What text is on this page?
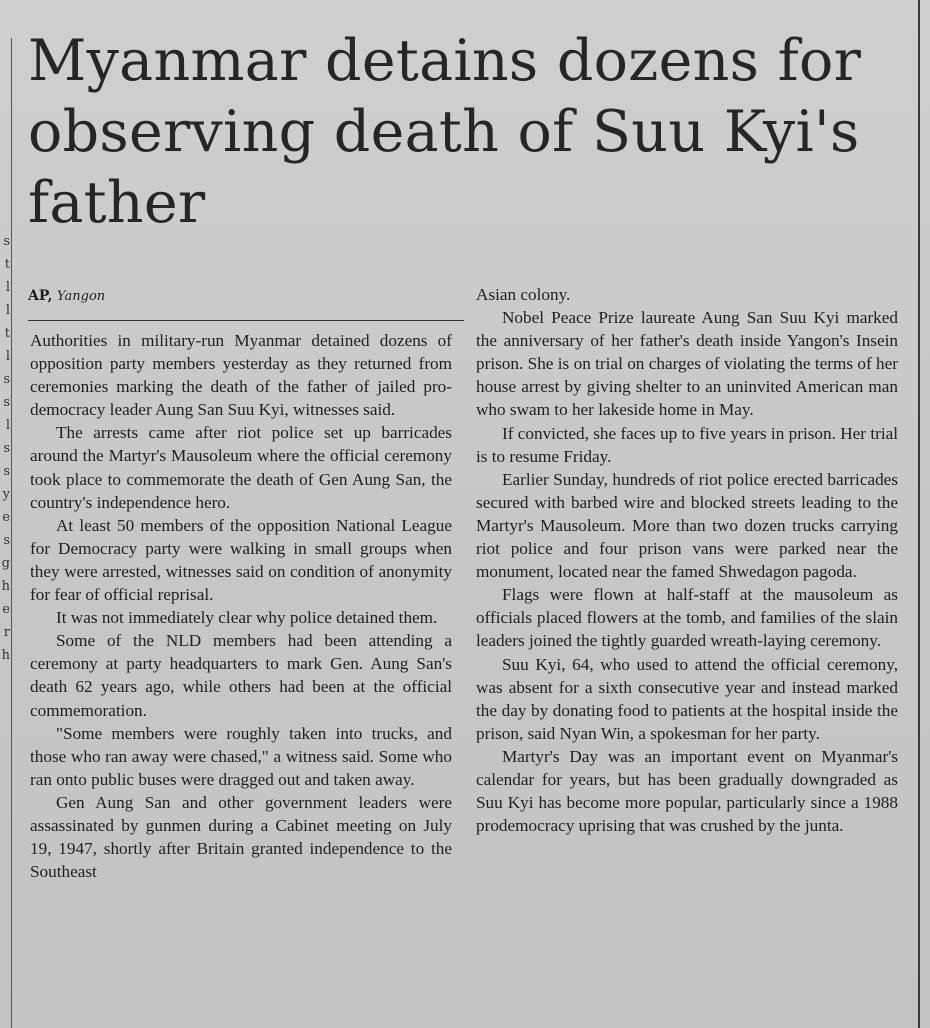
s
t
l
l
t
l
s
s
l
s
s
y
e
s
g
h
e
r
h
Myanmar detains dozens for observing death of Suu Kyi's father
AP, Yangon

Authorities in military-run Myanmar detained dozens of opposition party members yesterday as they returned from ceremonies marking the death of the father of jailed pro-democracy leader Aung San Suu Kyi, witnesses said.

The arrests came after riot police set up barricades around the Martyr's Mausoleum where the official ceremony took place to commemorate the death of Gen Aung San, the country's independence hero.

At least 50 members of the opposition National League for Democracy party were walking in small groups when they were arrested, witnesses said on condition of anonymity for fear of official reprisal.

It was not immediately clear why police detained them.

Some of the NLD members had been attending a ceremony at party headquarters to mark Gen. Aung San's death 62 years ago, while others had been at the official commemoration.

"Some members were roughly taken into trucks, and those who ran away were chased," a witness said. Some who ran onto public buses were dragged out and taken away.

Gen Aung San and other government leaders were assassinated by gunmen during a Cabinet meeting on July 19, 1947, shortly after Britain granted independence to the Southeast

Asian colony.

Nobel Peace Prize laureate Aung San Suu Kyi marked the anniversary of her father's death inside Yangon's Insein prison. She is on trial on charges of violating the terms of her house arrest by giving shelter to an uninvited American man who swam to her lakeside home in May.

If convicted, she faces up to five years in prison. Her trial is to resume Friday.

Earlier Sunday, hundreds of riot police erected barricades secured with barbed wire and blocked streets leading to the Martyr's Mausoleum. More than two dozen trucks carrying riot police and four prison vans were parked near the monument, located near the famed Shwedagon pagoda.

Flags were flown at half-staff at the mausoleum as officials placed flowers at the tomb, and families of the slain leaders joined the tightly guarded wreath-laying ceremony.

Suu Kyi, 64, who used to attend the official ceremony, was absent for a sixth consecutive year and instead marked the day by donating food to patients at the hospital inside the prison, said Nyan Win, a spokesman for her party.

Martyr's Day was an important event on Myanmar's calendar for years, but has been gradually downgraded as Suu Kyi has become more popular, particularly since a 1988 prodemocracy uprising that was crushed by the junta.
